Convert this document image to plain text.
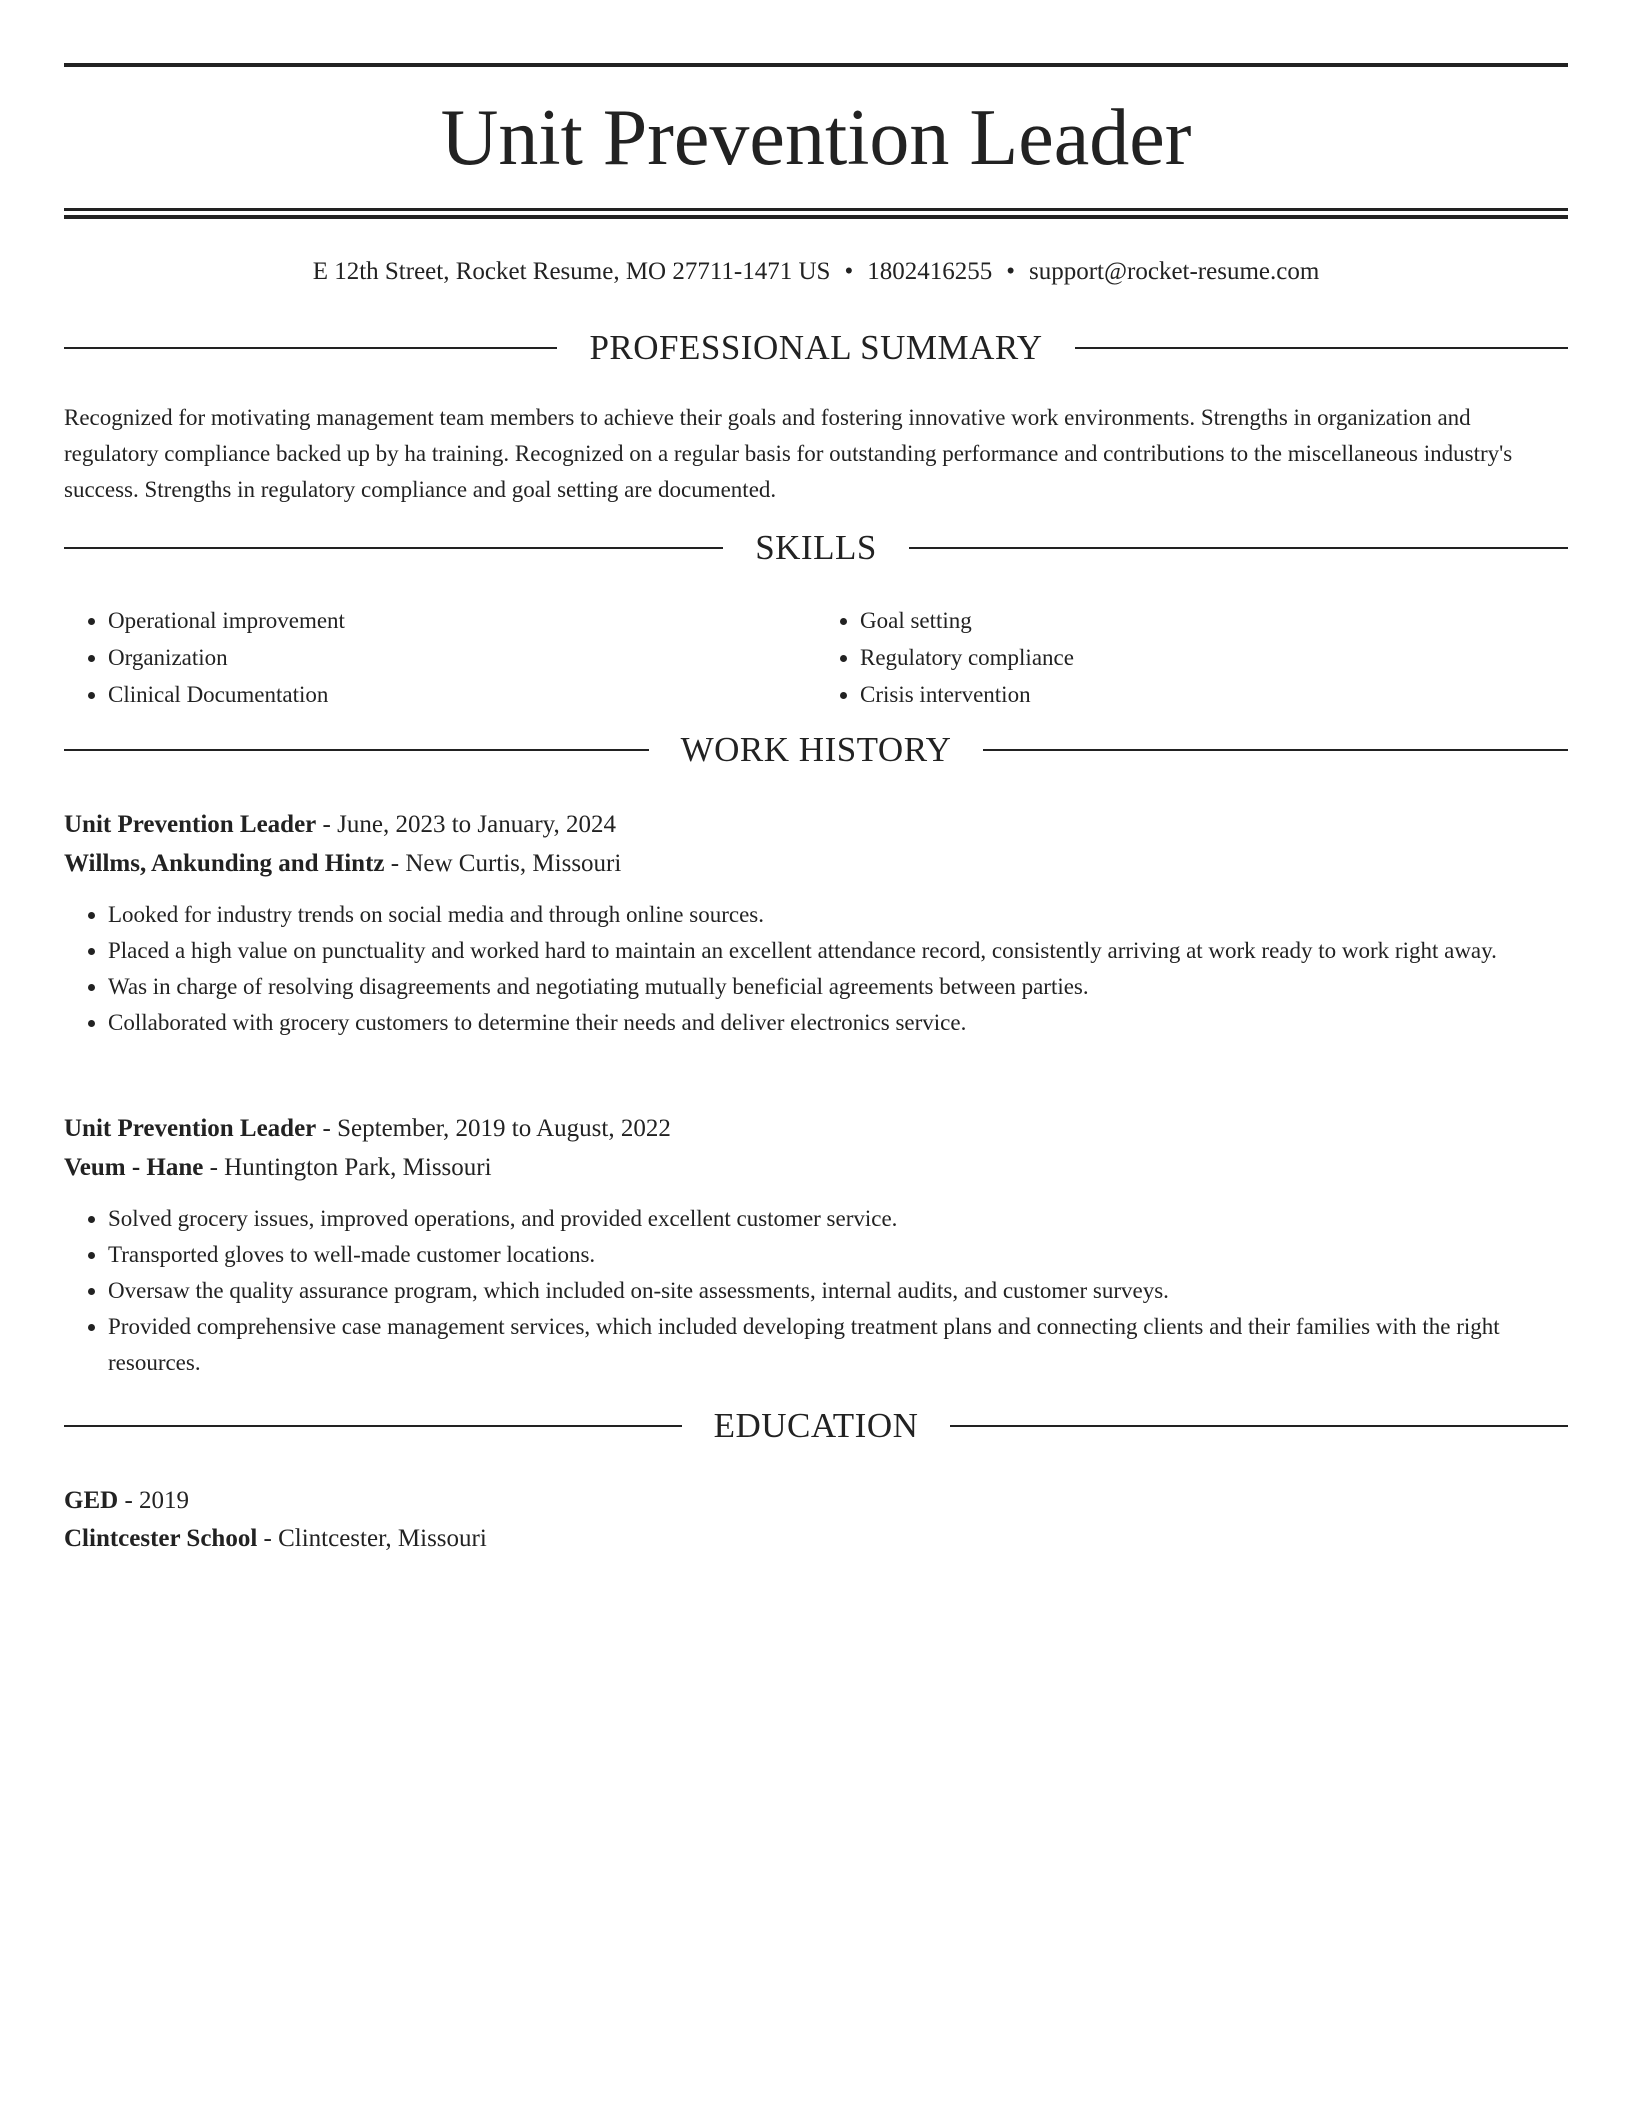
Unit Prevention Leader
E 12th Street, Rocket Resume, MO 27711-1471 US • 1802416255 • support@rocket-resume.com
PROFESSIONAL SUMMARY

Recognized for motivating management team members to achieve their goals and fostering innovative work environments. Strengths in organization and regulatory compliance backed up by ha training. Recognized on a regular basis for outstanding performance and contributions to the miscellaneous industry's success. Strengths in regulatory compliance and goal setting are documented.

SKILLS
• Operational improvement
• Organization
• Clinical Documentation
• Goal setting
• Regulatory compliance
• Crisis intervention
WORK HISTORY

Unit Prevention Leader - June, 2023 to January, 2024

Willms, Ankunding and Hintz - New Curtis, Missouri

• Looked for industry trends on social media and through online sources.
• Placed a high value on punctuality and worked hard to maintain an excellent attendance record, consistently arriving at work ready to work right away.
• Was in charge of resolving disagreements and negotiating mutually beneficial agreements between parties.
• Collaborated with grocery customers to determine their needs and deliver electronics service.

Unit Prevention Leader - September, 2019 to August, 2022

Veum - Hane - Huntington Park, Missouri

• Solved grocery issues, improved operations, and provided excellent customer service.
• Transported gloves to well-made customer locations.
• Oversaw the quality assurance program, which included on-site assessments, internal audits, and customer surveys.
• Provided comprehensive case management services, which included developing treatment plans and connecting clients and their families with the right resources.
EDUCATION

GED - 2019

Clintcester School - Clintcester, Missouri
